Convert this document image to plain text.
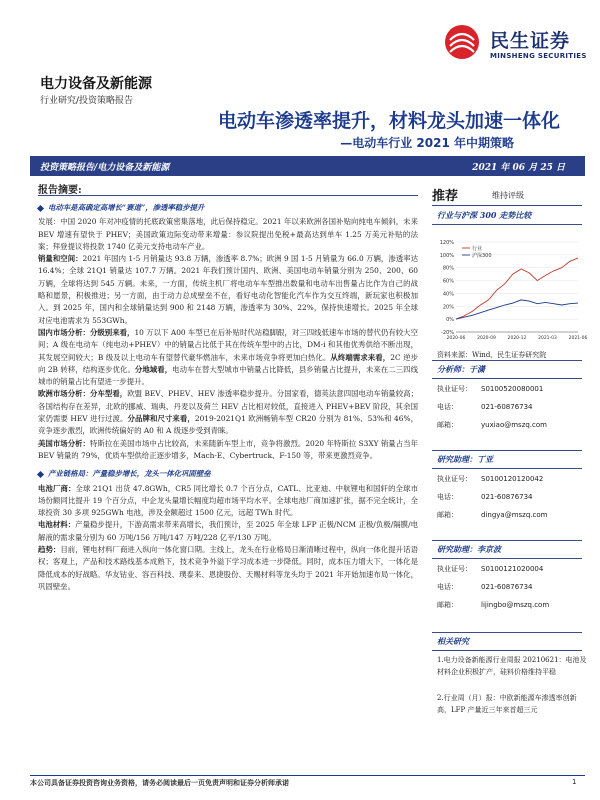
民生证券
MINSHENG SECURITIES
电力设备及新能源
行业研究/投资策略报告
电动车渗透率提升，材料龙头加速一体化
—电动车行业 2021 年中期策略
投资策略报告/电力设备及新能源	2021 年 06 月 25 日
报告摘要:
电动车是高确定高增长“赛道”，渗透率稳步提升

发展：中国 2020 年对冲疫情的托底政策密集落地，此后保持稳定。2021 年以来欧洲各国补贴向纯电车倾斜，未来 BEV 增速有望快于 PHEV；美国政策边际变动带来增量：参议院提出免税+最高达到单车 1.25 万美元补贴的法案；拜登提议将投款 1740 亿美元支持电动车产业。

销量和空间：2021 年国内 1-5 月销量达 93.8 万辆，渗透率 8.7%；欧洲 9 国 1-5 月销量为 66.0 万辆，渗透率达 16.4%；全球 21Q1 销量达 107.7 万辆。2021 年我们预计国内、欧洲、美国电动车销量分别为 250、200、60 万辆，全球将达到 545 万辆。未来，一方面，传统主机厂将电动车车型推出数量和电动车出售量占比作为自己的战略和愿景，积极推进；另一方面，由于动力总成壁垒不在，看好电动化智能化汽车作为交互终端，新玩家也积极加入。到 2025 年，国内和全球销量达到 900 和 2148 万辆，渗透率为 30%、22%，保持快速增长。2025 年全球对应电池需求为 553GWh。

国内市场分析：分级别来看，10 万以下 A00 车型已在后补贴时代站稳脚跟，对三四线低速车市场的替代仍有较大空间；A 级在电动车（纯电动+PHEV）中的销量占比低于其在传统车型中的占比，DM-i 和其他优秀供给不断出现，其发展空间较大；B 级及以上电动车有望替代豪华燃油车，未来市场竞争将更加白热化。从终端需求来看，2C 逆步向 2B 转移，结构逐步优化。分地域看，电动车在替大型城市中销量占比降低，县乡销量占比提升，未来在二三四线城市的销量占比有望进一步提升。

欧洲市场分析：分车型看，欧盟 BEV、PHEV、HEV 渗透率稳步提升。分国家看，德英法意四国电动车销量较高；各国结构存在差异，北欧的挪威、瑞典、丹麦以及荷兰 HEV 占比相对较低，直接进入 PHEV+BEV 阶段，其余国家仍需要 HEV 进行过渡。分品牌和尺寸来看，2019-2021Q1 欧洲畅销车型 CR20 分别为 81%、53%和 46%，竞争逐步激烈，欧洲传统偏好的 A0 和 A 级逐步受到青睐。

美国市场分析：特斯拉在美国市场中占比较高，未来随新车型上市，竞争将激烈。2020 年特斯拉 S3XY 销量占当年 BEV 销量的 79%，优质车型供给正逐步增多，Mach-E、Cybertruck、F-150 等，带来更激烈竞争。

产业链格局：产量稳步增长，龙头一体化巩固壁垒

电池厂商：全球 21Q1 出货 47.8GWh，CR5 同比增长 0.7 个百分点，CATL、比亚迪、中航锂电和国轩的全球市场份额同比提升 19 个百分点，中企龙头量增长幅度均超市场平均水平。全球电池厂商加速扩张，据不完全统计，全球投资 30 多项 925GWh 电池，涉及金额超过 1500 亿元，远超 TWh 时代。

电池材料：产量稳步提升，下游高需求带来高增长，我们预计，至 2025 年全球 LFP 正极/NCM 正极/负极/隔膜/电解液的需求量分别为 60 万吨/156 万吨/147 万吨/228 亿平/130 万吨。

趋势：目前，锂电材料厂商进入纵向一体化窗口期。主线上，龙头在行业格局日渐清晰过程中，纵向一体化提升话语权；客观上，产品和技术路线基本成熟下，技术竞争外溢下学习成本进一步降低。同时，成本压力增大下，一体化是降低成本的好战略。华友钴业、容百科技、璞泰来、恩捷股份、天赐材料等龙头均于 2021 年开始加速布局一体化，巩固壁垒。

推荐	维持评级
行业与沪深 300 走势比较
120%
100%
80%
60%
40%
20%
0%
-20%
2020-06	2020-09	2020-12	2021-03	2021-06
行业
沪深300
资料来源：Wind，民生证券研究院
分析师：于潇
执业证号： S0100520080001
电话：	021-60876734
邮箱：	yuxiao@mszq.com
研究助理：丁亚
执业证号： S0100120120042
电话：	021-60876734
邮箱：	dingya@mszq.com
研究助理：李京波
执业证号： S0100121020004
电话：	021-60876734
邮箱：	lijingbo@mszq.com
相关研究
1.电力设备新能源行业周报 20210621：电池及材料企业积极扩产，硅料价格维持平稳
2.行业周（月）报：中欧新能源车渗透率创新高，LFP 产量近三年来首超三元
本公司具备证券投资咨询业务资格，请务必阅读最后一页免责声明和证券分析师承诺	1
